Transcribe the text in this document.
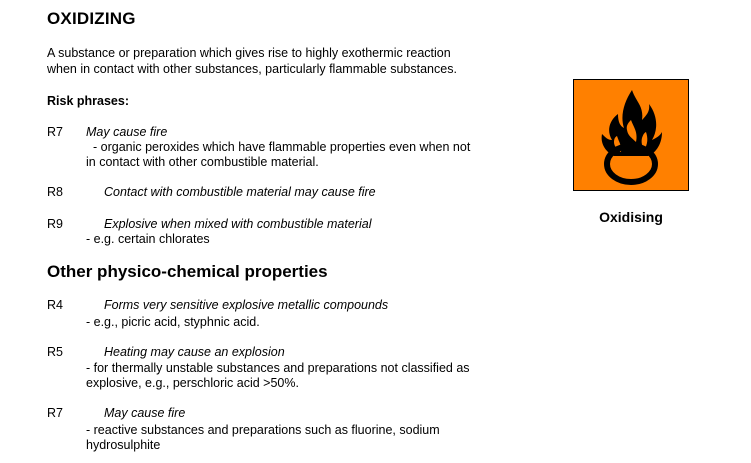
OXIDIZING
A substance or preparation which gives rise to highly exothermic reaction
when in contact with other substances, particularly flammable substances.
Risk phrases:
R7 May cause fire
- organic peroxides which have flammable properties even when not
in contact with other combustible material.
R8	Contact with combustible material may cause fire
R9	Explosive when mixed with combustible material
- e.g. certain chlorates
Other physico-chemical properties
R4	Forms very sensitive explosive metallic compounds
- e.g., picric acid, styphnic acid.
R5	Heating may cause an explosion
- for thermally unstable substances and preparations not classified as
explosive, e.g., perschloric acid >50%.
R7	May cause fire
- reactive substances and preparations such as fluorine, sodium
hydrosulphite
Oxidising
